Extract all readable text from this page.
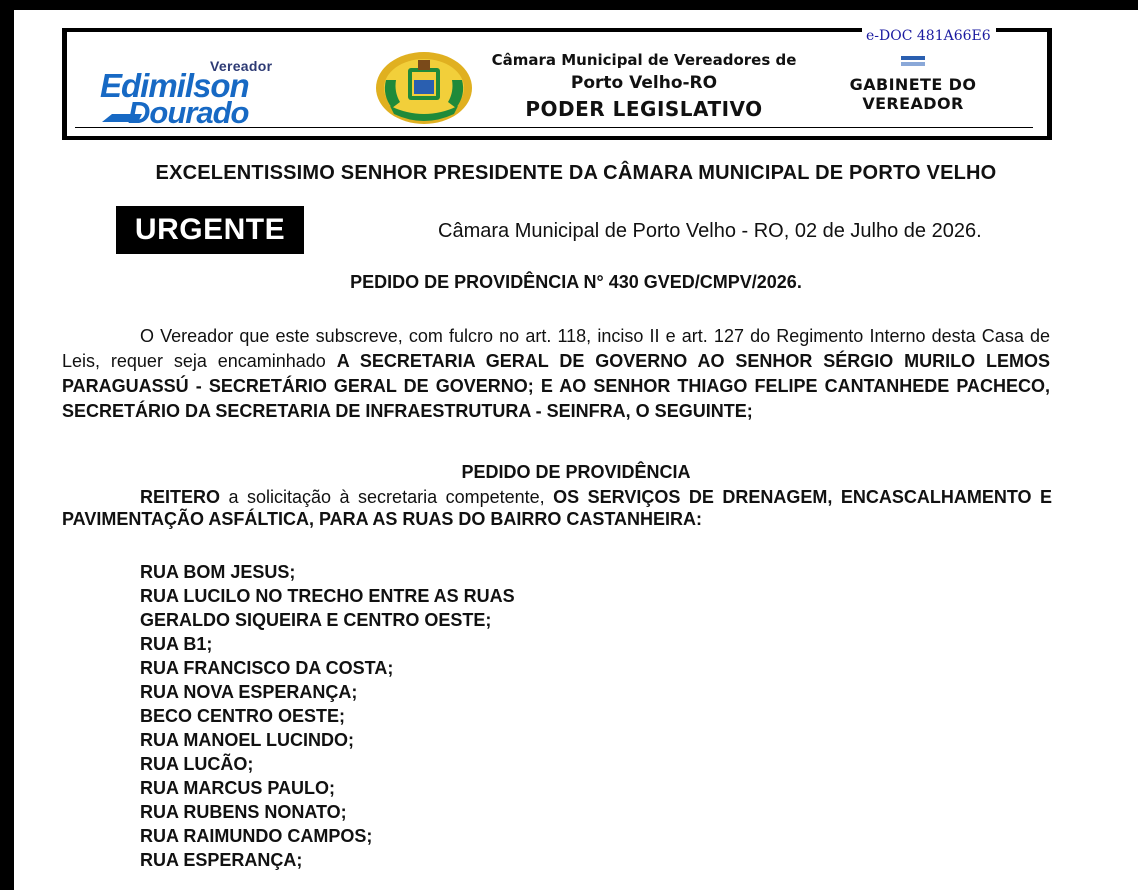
e-DOC 481A66E6
Vereador
Edimilson
Dourado
Câmara Municipal de Vereadores de
Porto Velho-RO
PODER LEGISLATIVO
GABINETE DO
VEREADOR
EXCELENTISSIMO SENHOR PRESIDENTE DA CÂMARA MUNICIPAL DE PORTO VELHO
URGENTE	Câmara Municipal de Porto Velho - RO, 02 de Julho de 2026.
PEDIDO DE PROVIDÊNCIA N° 430 GVED/CMPV/2026.
O Vereador que este subscreve, com fulcro no art. 118, inciso II e art. 127 do Regimento Interno desta Casa de Leis, requer seja encaminhado A SECRETARIA GERAL DE GOVERNO AO SENHOR SÉRGIO MURILO LEMOS PARAGUASSÚ - SECRETÁRIO GERAL DE GOVERNO; E AO SENHOR THIAGO FELIPE CANTANHEDE PACHECO, SECRETÁRIO DA SECRETARIA DE INFRAESTRUTURA - SEINFRA, O SEGUINTE;
PEDIDO DE PROVIDÊNCIA
REITERO a solicitação à secretaria competente, OS SERVIÇOS DE DRENAGEM, ENCASCALHAMENTO E PAVIMENTAÇÃO ASFÁLTICA, PARA AS RUAS DO BAIRRO CASTANHEIRA:
RUA BOM JESUS;
RUA LUCILO NO TRECHO ENTRE AS RUAS
GERALDO SIQUEIRA E CENTRO OESTE;
RUA B1;
RUA FRANCISCO DA COSTA;
RUA NOVA ESPERANÇA;
BECO CENTRO OESTE;
RUA MANOEL LUCINDO;
RUA LUCÃO;
RUA MARCUS PAULO;
RUA RUBENS NONATO;
RUA RAIMUNDO CAMPOS;
RUA ESPERANÇA;
